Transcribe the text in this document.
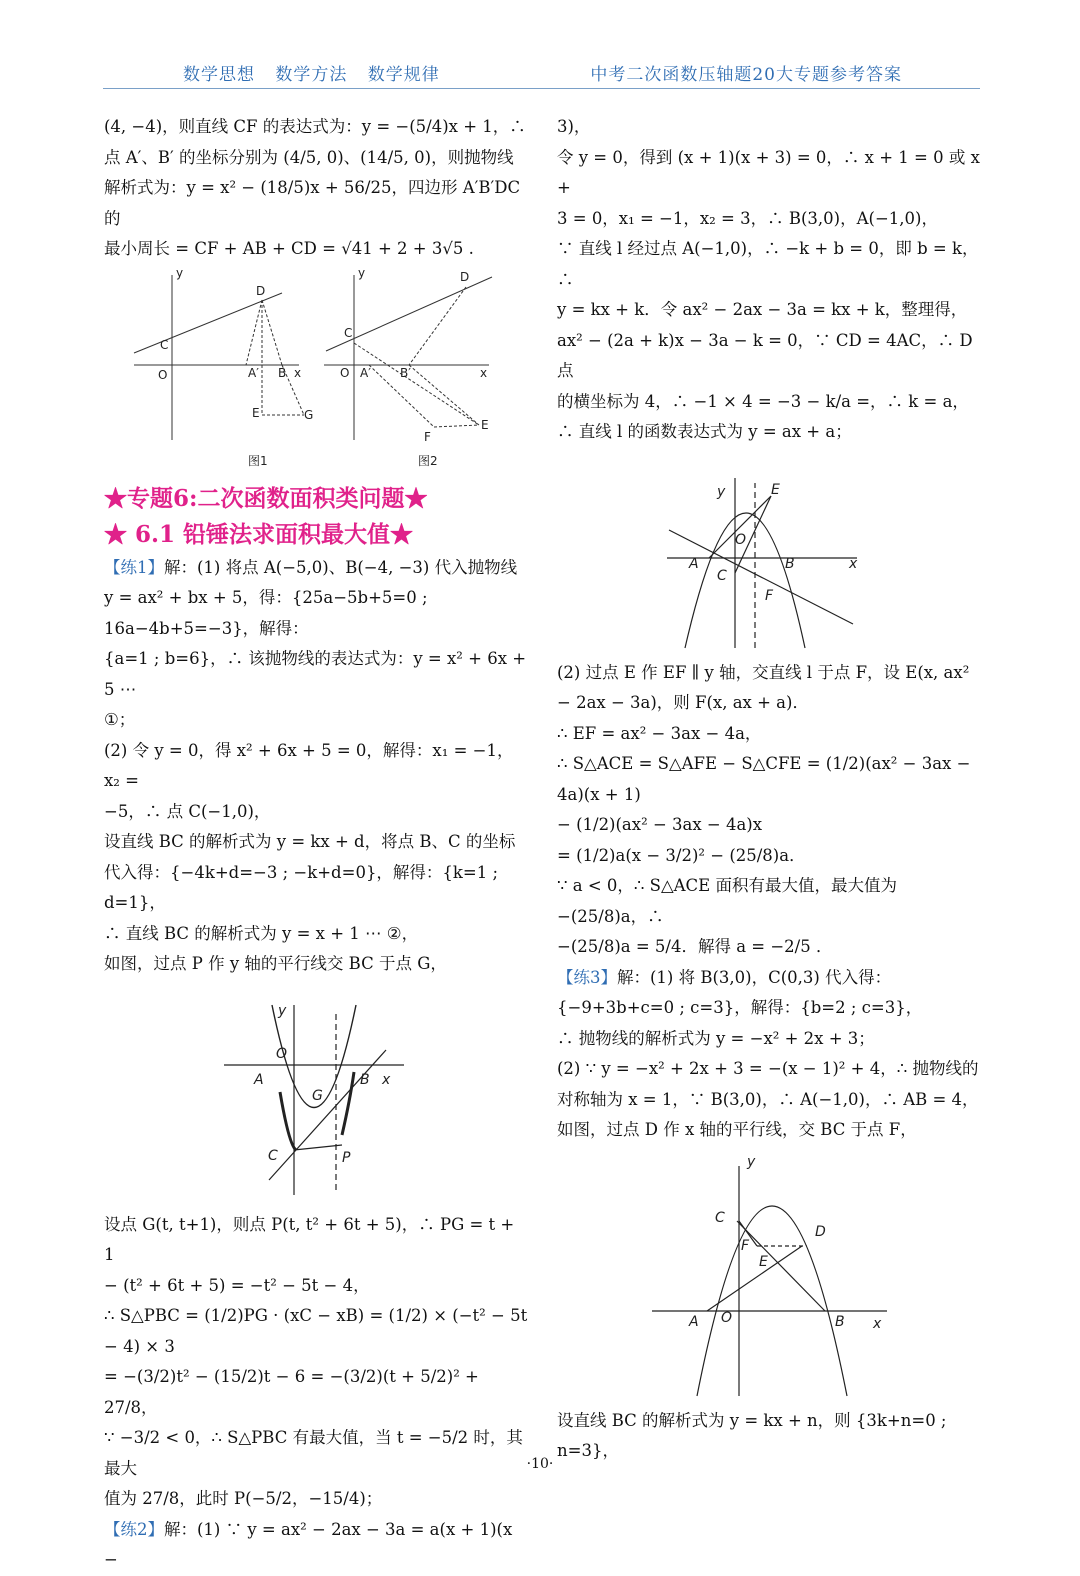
数学思想 数学方法 数学规律	中考二次函数压轴题20大专题参考答案

(4, −4)，则直线 CF 的表达式为：y = −(5/4)x + 1，∴

点 A′、B′ 的坐标分别为 (4/5, 0)、(14/5, 0)，则抛物线

解析式为：y = x² − (18/5)x + 56/25，四边形 A′B′DC 的

最小周长 = CF + AB + CD = √41 + 2 + 3√5 .

y
D
C
O	A′ B x
E	G
y	D
C
O A′ B′	x
F
E
图1	图2

★专题6:二次函数面积类问题★

★ 6.1 铅锤法求面积最大值★

【练1】解：(1) 将点 A(−5,0)、B(−4, −3) 代入抛物线

y = ax² + bx + 5，得：{25a−5b+5=0 ; 16a−4b+5=−3}，解得：

{a=1 ; b=6}，∴ 该抛物线的表达式为：y = x² + 6x + 5 ⋯

①；

(2) 令 y = 0，得 x² + 6x + 5 = 0，解得：x₁ = −1，x₂ =

−5，∴ 点 C(−1,0)，

设直线 BC 的解析式为 y = kx + d，将点 B、C 的坐标

代入得：{−4k+d=−3 ; −k+d=0}，解得：{k=1 ; d=1}，

∴ 直线 BC 的解析式为 y = x + 1 ⋯ ②，

如图，过点 P 作 y 轴的平行线交 BC 于点 G，

y
O
A
G
B x
C	P

设点 G(t, t+1)，则点 P(t, t² + 6t + 5)，∴ PG = t + 1

− (t² + 6t + 5) = −t² − 5t − 4，

∴ S△PBC = (1/2)PG · (xC − xB) = (1/2) × (−t² − 5t − 4) × 3

= −(3/2)t² − (15/2)t − 6 = −(3/2)(t + 5/2)² + 27/8，

∵ −3/2 < 0，∴ S△PBC 有最大值，当 t = −5/2 时，其最大

值为 27/8，此时 P(−5/2，−15/4)；

【练2】解：(1) ∵ y = ax² − 2ax − 3a = a(x + 1)(x −

3)，

令 y = 0，得到 (x + 1)(x + 3) = 0，∴ x + 1 = 0 或 x +

3 = 0，x₁ = −1，x₂ = 3，∴ B(3,0)，A(−1,0)，

∵ 直线 l 经过点 A(−1,0)，∴ −k + b = 0，即 b = k，∴

y = kx + k．令 ax² − 2ax − 3a = kx + k，整理得，

ax² − (2a + k)x − 3a − k = 0，∵ CD = 4AC，∴ D 点

的横坐标为 4，∴ −1 × 4 = −3 − k/a =，∴ k = a，

∴ 直线 l 的函数表达式为 y = ax + a；

y	E
O
A	B	x
C
F

(2) 过点 E 作 EF ∥ y 轴，交直线 l 于点 F，设 E(x, ax²

− 2ax − 3a)，则 F(x, ax + a)．

∴ EF = ax² − 3ax − 4a，

∴ S△ACE = S△AFE − S△CFE = (1/2)(ax² − 3ax − 4a)(x + 1)

− (1/2)(ax² − 3ax − 4a)x

= (1/2)a(x − 3/2)² − (25/8)a．

∵ a < 0，∴ S△ACE 面积有最大值，最大值为 −(25/8)a，∴

−(25/8)a = 5/4．解得 a = −2/5 ．

【练3】解：(1) 将 B(3,0)，C(0,3) 代入得：

{−9+3b+c=0 ; c=3}，解得：{b=2 ; c=3}，

∴ 抛物线的解析式为 y = −x² + 2x + 3；

(2) ∵ y = −x² + 2x + 3 = −(x − 1)² + 4，∴ 抛物线的

对称轴为 x = 1，∵ B(3,0)，∴ A(−1,0)，∴ AB = 4，

如图，过点 D 作 x 轴的平行线，交 BC 于点 F，

y
C
D
F
E
A O	B x

设直线 BC 的解析式为 y = kx + n，则 {3k+n=0 ; n=3}，

·10·
